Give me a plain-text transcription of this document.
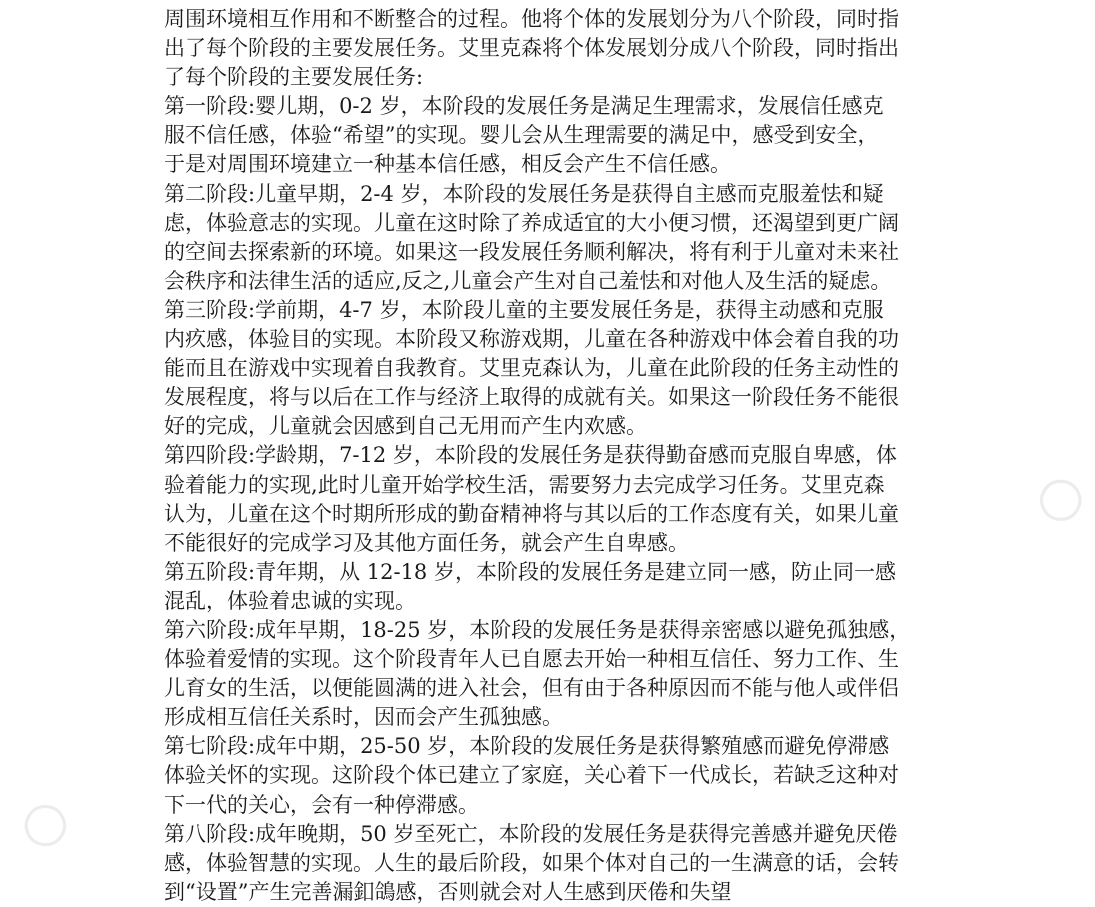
○
○
周围环境相互作用和不断整合的过程。他将个体的发展划分为八个阶段，同时指
出了每个阶段的主要发展任务。艾里克森将个体发展划分成八个阶段，同时指出
了每个阶段的主要发展任务:
第一阶段:婴儿期，0-2 岁，本阶段的发展任务是满足生理需求，发展信任感克
服不信任感，体验“希望”的实现。婴儿会从生理需要的满足中，感受到安全，
于是对周围环境建立一种基本信任感，相反会产生不信任感。
第二阶段:儿童早期，2-4 岁，本阶段的发展任务是获得自主感而克服羞怯和疑
虑，体验意志的实现。儿童在这时除了养成适宜的大小便习惯，还渴望到更广阔
的空间去探索新的环境。如果这一段发展任务顺利解决，将有利于儿童对未来社
会秩序和法律生活的适应,反之,儿童会产生对自己羞怯和对他人及生活的疑虑。
第三阶段:学前期，4-7 岁，本阶段儿童的主要发展任务是，获得主动感和克服
内疚感，体验目的实现。本阶段又称游戏期，儿童在各种游戏中体会着自我的功
能而且在游戏中实现着自我教育。艾里克森认为，儿童在此阶段的任务主动性的
发展程度，将与以后在工作与经济上取得的成就有关。如果这一阶段任务不能很
好的完成，儿童就会因感到自己无用而产生内欢感。
第四阶段:学龄期，7-12 岁，本阶段的发展任务是获得勤奋感而克服自卑感，体
验着能力的实现,此时儿童开始学校生活，需要努力去完成学习任务。艾里克森
认为，儿童在这个时期所形成的勤奋精神将与其以后的工作态度有关，如果儿童
不能很好的完成学习及其他方面任务，就会产生自卑感。
第五阶段:青年期，从 12-18 岁，本阶段的发展任务是建立同一感，防止同一感
混乱，体验着忠诚的实现。
第六阶段:成年早期，18-25 岁，本阶段的发展任务是获得亲密感以避免孤独感，
体验着爱情的实现。这个阶段青年人已自愿去开始一种相互信任、努力工作、生
儿育女的生活，以便能圆满的进入社会，但有由于各种原因而不能与他人或伴侣
形成相互信任关系时，因而会产生孤独感。
第七阶段:成年中期，25-50 岁，本阶段的发展任务是获得繁殖感而避免停滞感
体验关怀的实现。这阶段个体已建立了家庭，关心着下一代成长，若缺乏这种对
下一代的关心，会有一种停滞感。
第八阶段:成年晚期，50 岁至死亡，本阶段的发展任务是获得完善感并避免厌倦
感，体验智慧的实现。人生的最后阶段，如果个体对自己的一生满意的话，会转
到“设置”产生完善漏釦鴿感，否则就会对人生感到厌倦和失望
